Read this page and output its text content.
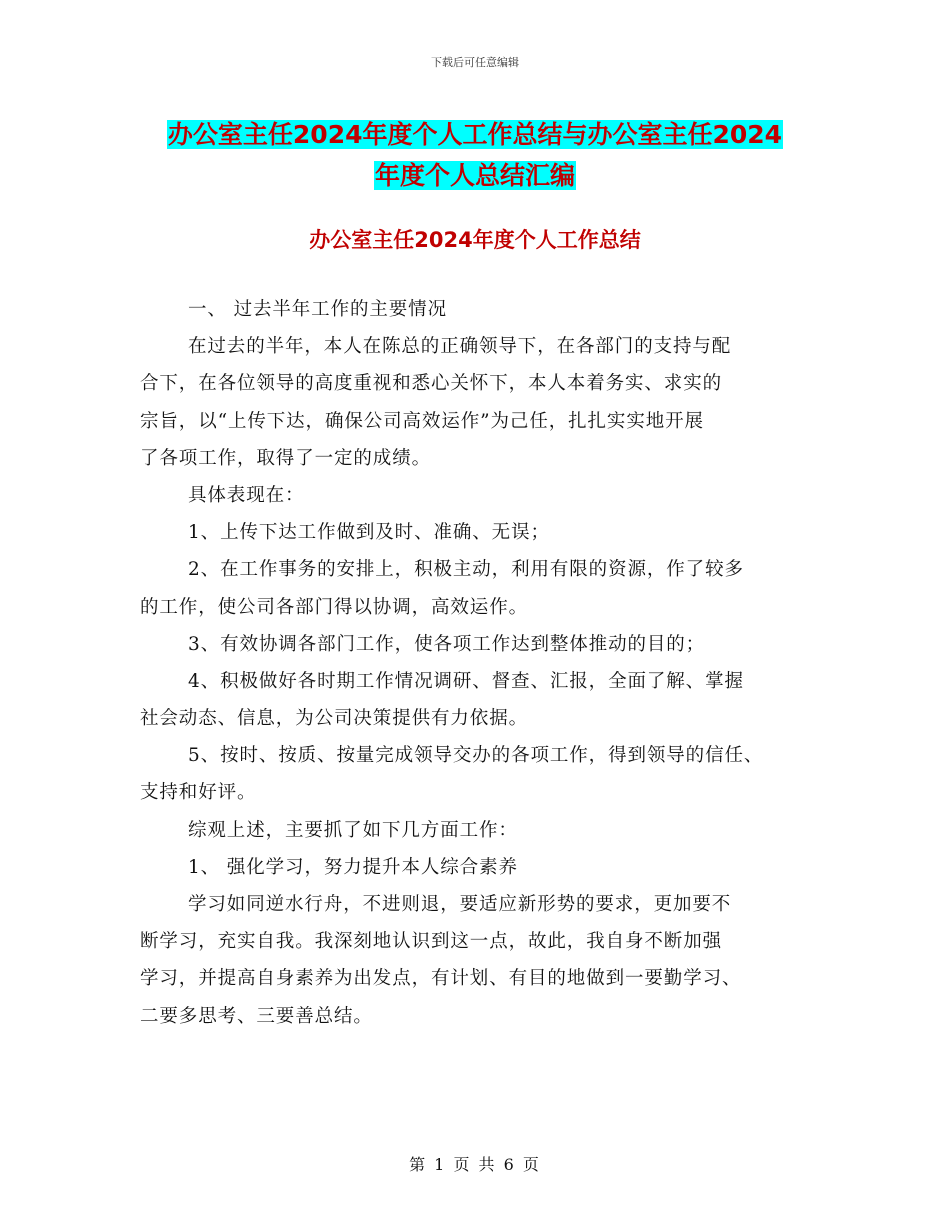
下载后可任意编辑
办公室主任2024年度个人工作总结与办公室主任2024
年度个人总结汇编
办公室主任2024年度个人工作总结
一、 过去半年工作的主要情况
在过去的半年，本人在陈总的正确领导下，在各部门的支持与配
合下，在各位领导的高度重视和悉心关怀下，本人本着务实、求实的
宗旨，以“上传下达，确保公司高效运作”为己任，扎扎实实地开展
了各项工作，取得了一定的成绩。
具体表现在：
1、上传下达工作做到及时、准确、无误；
2、在工作事务的安排上，积极主动，利用有限的资源，作了较多
的工作，使公司各部门得以协调，高效运作。
3、有效协调各部门工作，使各项工作达到整体推动的目的；
4、积极做好各时期工作情况调研、督查、汇报，全面了解、掌握
社会动态、信息，为公司决策提供有力依据。
5、按时、按质、按量完成领导交办的各项工作，得到领导的信任、
支持和好评。
综观上述，主要抓了如下几方面工作：
1、 强化学习，努力提升本人综合素养
学习如同逆水行舟，不进则退，要适应新形势的要求，更加要不
断学习，充实自我。我深刻地认识到这一点，故此，我自身不断加强
学习，并提高自身素养为出发点，有计划、有目的地做到一要勤学习、
二要多思考、三要善总结。
第 1 页 共 6 页
